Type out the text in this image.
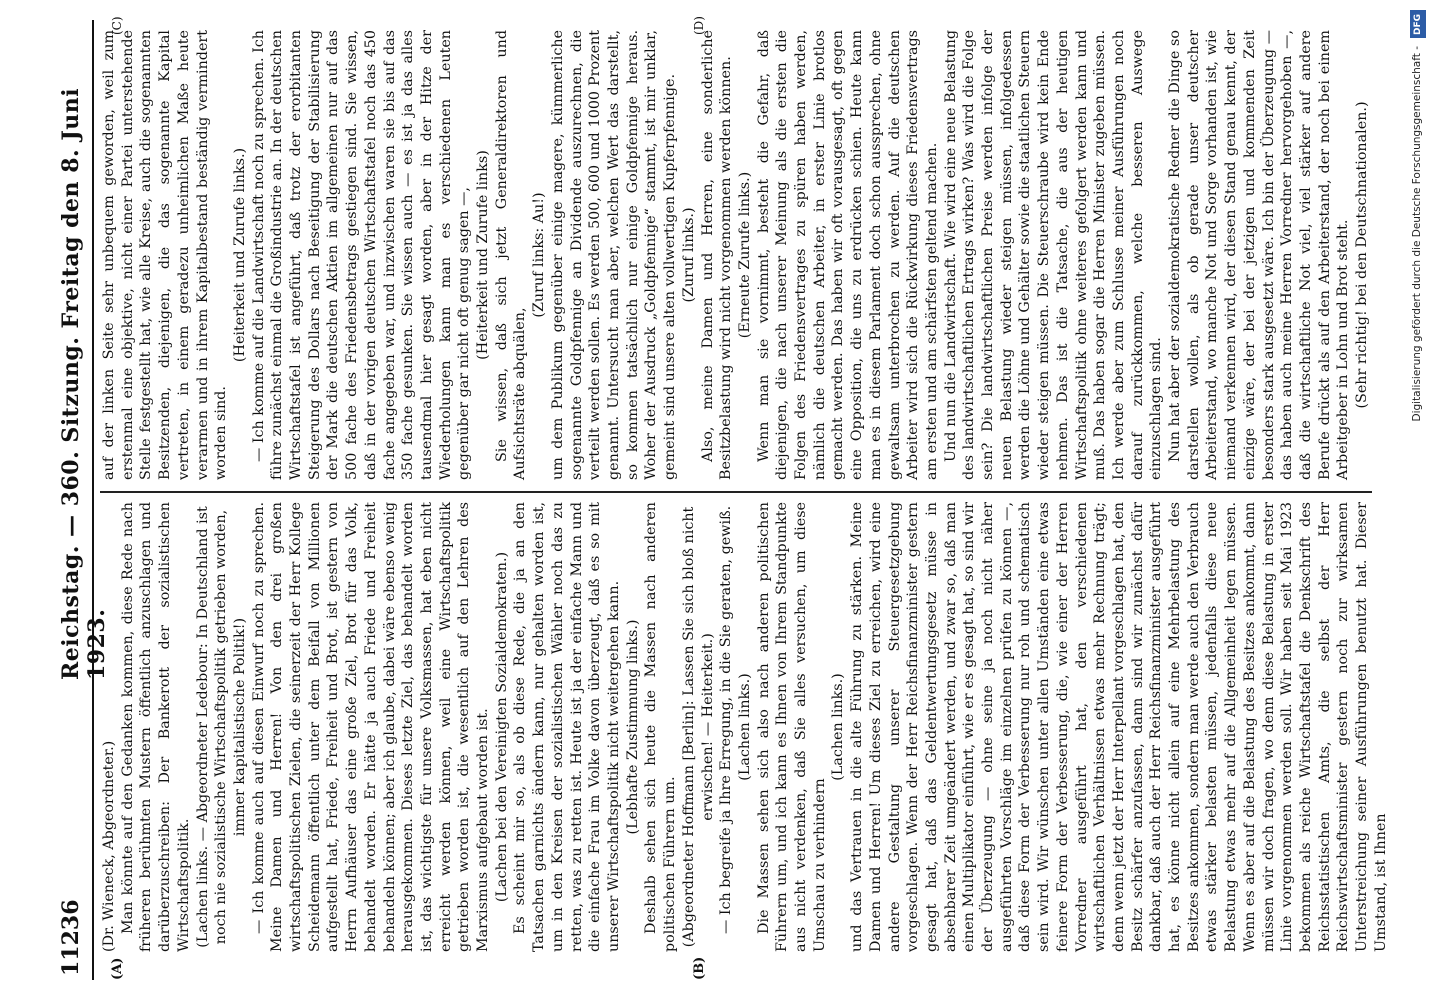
11236
Reichstag. — 360. Sitzung. Freitag den 8. Juni 1923.
(A)	(B)
(C)	(D)

(Dr. Wieneck, Abgeordneter.) Man könnte auf den Gedanken kommen, diese Rede nach früheren berühmten Mustern öffentlich anzuschlagen und darüberzuschreiben: Der Bankerott der sozialistischen Wirtschaftspolitik. (Lachen links. — Abgeordneter Ledebour: In Deutschland ist noch nie sozialistische Wirtschaftspolitik getrieben worden, immer kapitalistische Politik!) — Ich komme auch auf diesen Einwurf noch zu sprechen. Meine Damen und Herren! Von den drei großen wirtschaftspolitischen Zielen, die seinerzeit der Herr Kollege Scheidemann öffentlich unter dem Beifall von Millionen aufgestellt hat, Friede, Freiheit und Brot, ist gestern von Herrn Aufhäuser das eine große Ziel, Brot für das Volk, behandelt worden. Er hätte ja auch Friede und Freiheit behandeln können; aber ich glaube, dabei wäre ebenso wenig herausgekommen. Dieses letzte Ziel, das behandelt worden ist, das wichtigste für unsere Volksmassen, hat eben nicht erreicht werden können, weil eine Wirtschaftspolitik getrieben worden ist, die wesentlich auf den Lehren des Marxismus aufgebaut worden ist. (Lachen bei den Vereinigten Sozialdemokraten.) Es scheint mir so, als ob diese Rede, die ja an den Tatsachen garnichts ändern kann, nur gehalten worden ist, um in den Kreisen der sozialistischen Wähler noch das zu retten, was zu retten ist. Heute ist ja der einfache Mann und die einfache Frau im Volke davon überzeugt, daß es so mit unserer Wirtschaftspolitik nicht weitergehen kann. (Lebhafte Zustimmung links.) Deshalb sehen sich heute die Massen nach anderen politischen Führern um. (Abgeordneter Hoffmann [Berlin]: Lassen Sie sich bloß nicht erwischen! — Heiterkeit.) — Ich begreife ja Ihre Erregung, in die Sie geraten, gewiß. (Lachen links.) Die Massen sehen sich also nach anderen politischen Führern um, und ich kann es Ihnen von Ihrem Standpunkte aus nicht verdenken, daß Sie alles versuchen, um diese Umschau zu verhindern

(Lachen links.) und das Vertrauen in die alte Führung zu stärken. Meine Damen und Herren! Um dieses Ziel zu erreichen, wird eine andere Gestaltung unserer Steuergesetzgebung vorgeschlagen. Wenn der Herr Reichsfinanzminister gestern gesagt hat, daß das Geldentwertungsgesetz müsse in absehbarer Zeit umgeändert werden, und zwar so, daß man einen Multiplikator einführt, wie er es gesagt hat, so sind wir der Überzeugung — ohne seine ja noch nicht näher ausgeführten Vorschläge im einzelnen prüfen zu können —, daß diese Form der Verbesserung nur roh und schematisch sein wird. Wir wünschen unter allen Umständen eine etwas feinere Form der Verbesserung, die, wie einer der Herren Vorredner ausgeführt hat, den verschiedenen wirtschaftlichen Verhältnissen etwas mehr Rechnung trägt; denn wenn jetzt der Herr Interpellant vorgeschlagen hat, den Besitz schärfer anzufassen, dann sind wir zunächst dafür dankbar, daß auch der Herr Reichsfinanzminister ausgeführt hat, es könne nicht allein auf eine Mehrbelastung des Besitzes ankommen, sondern man werde auch den Verbrauch etwas stärker belasten müssen, jedenfalls diese neue Belastung etwas mehr auf die Allgemeinheit legen müssen. Wenn es aber auf die Belastung des Besitzes ankommt, dann müssen wir doch fragen, wo denn diese Belastung in erster Linie vorgenommen werden soll. Wir haben seit Mai 1923 bekommen als reiche Wirtschaftstafel die Denkschrift des Reichsstatistischen Amts, die selbst der Herr Reichswirtschaftsminister gestern noch zur wirksamen Unterstreichung seiner Ausführungen benutzt hat. Dieser Umstand, ist Ihnen

auf der linken Seite sehr unbequem geworden, weil zum erstenmal eine objektive, nicht einer Partei unterstehende Stelle festgestellt hat, wie alle Kreise, auch die sogenannten Besitzenden, diejenigen, die das sogenannte Kapital vertreten, in einem geradezu unheimlichen Maße heute verarmen und in ihrem Kapitalbestand beständig vermindert worden sind.

(Heiterkeit und Zurufe links.) — Ich komme auf die Landwirtschaft noch zu sprechen. Ich führe zunächst einmal die Großindustrie an. In der deutschen Wirtschaftstafel ist angeführt, daß trotz der erorbitanten Steigerung des Dollars nach Beseitigung der Stabilisierung der Mark die deutschen Aktien im allgemeinen nur auf das 500 fache des Friedensbetrags gestiegen sind. Sie wissen, daß in der vorigen deutschen Wirtschaftstafel noch das 450 fache angegeben war, und inzwischen waren sie bis auf das 350 fache gesunken. Sie wissen auch — es ist ja das alles tausendmal hier gesagt worden, aber in der Hitze der Wiederholungen kann man es verschiedenen Leuten gegenüber gar nicht oft genug sagen —, (Heiterkeit und Zurufe links) Sie wissen, daß sich jetzt Generaldirektoren und Aufsichtsräte abquälen,

(Zuruf links: Au!) um dem Publikum gegenüber einige magere, kümmerliche sogenannte Goldpfennige an Dividende auszurechnen, die verteilt werden sollen. Es werden 500, 600 und 1000 Prozent genannt. Untersucht man aber, welchen Wert das darstellt, so kommen tatsächlich nur einige Goldpfennige heraus. Woher der Ausdruck „Goldpfennige“ stammt, ist mir unklar, gemeint sind unsere alten vollwertigen Kupferpfennige. (Zuruf links.) Also, meine Damen und Herren, eine sonderliche Besitzbelastung wird nicht vorgenommen werden können. (Erneute Zurufe links.) Wenn man sie vornimmt, besteht die Gefahr, daß diejenigen, die nach unserer Meinung als die ersten die Folgen des Friedensvertrages zu spüren haben werden, nämlich die deutschen Arbeiter, in erster Linie brotlos gemacht werden. Das haben wir oft vorausgesagt, oft gegen eine Opposition, die uns zu erdrücken schien. Heute kann man es in diesem Parlament doch schon aussprechen, ohne gewaltsam unterbrochen zu werden. Auf die deutschen Arbeiter wird sich die Rückwirkung dieses Friedensvertrags am ersten und am schärfsten geltend machen. Und nun die Landwirtschaft. Wie wird eine neue Belastung des landwirtschaftlichen Ertrags wirken? Was wird die Folge sein? Die landwirtschaftlichen Preise werden infolge der neuen Belastung wieder steigen müssen, infolgedessen werden die Löhne und Gehälter sowie die staatlichen Steuern wieder steigen müssen. Die Steuerschraube wird kein Ende nehmen. Das ist die Tatsache, die aus der heutigen Wirtschaftspolitik ohne weiteres gefolgert werden kann und muß. Das haben sogar die Herren Minister zugeben müssen. Ich werde aber zum Schlusse meiner Ausführungen noch darauf zurückkommen, welche besseren Auswege einzuschlagen sind. Nun hat aber der sozialdemokratische Redner die Dinge so darstellen wollen, als ob gerade unser deutscher Arbeiterstand, wo manche Not und Sorge vorhanden ist, wie niemand verkennen wird, der diesen Stand genau kennt, der einzige wäre, der bei der jetzigen und kommenden Zeit besonders stark ausgesetzt wäre. Ich bin der Überzeugung — das haben auch meine Herren Vorredner hervorgehoben —, daß die wirtschaftliche Not viel, viel stärker auf andere Berufe drückt als auf den Arbeiterstand, der noch bei einem Arbeitgeber in Lohn und Brot steht. (Sehr richtig! bei den Deutschnationalen.)

DFG
Digitalisierung gefördert durch die Deutsche Forschungsgemeinschaft -
